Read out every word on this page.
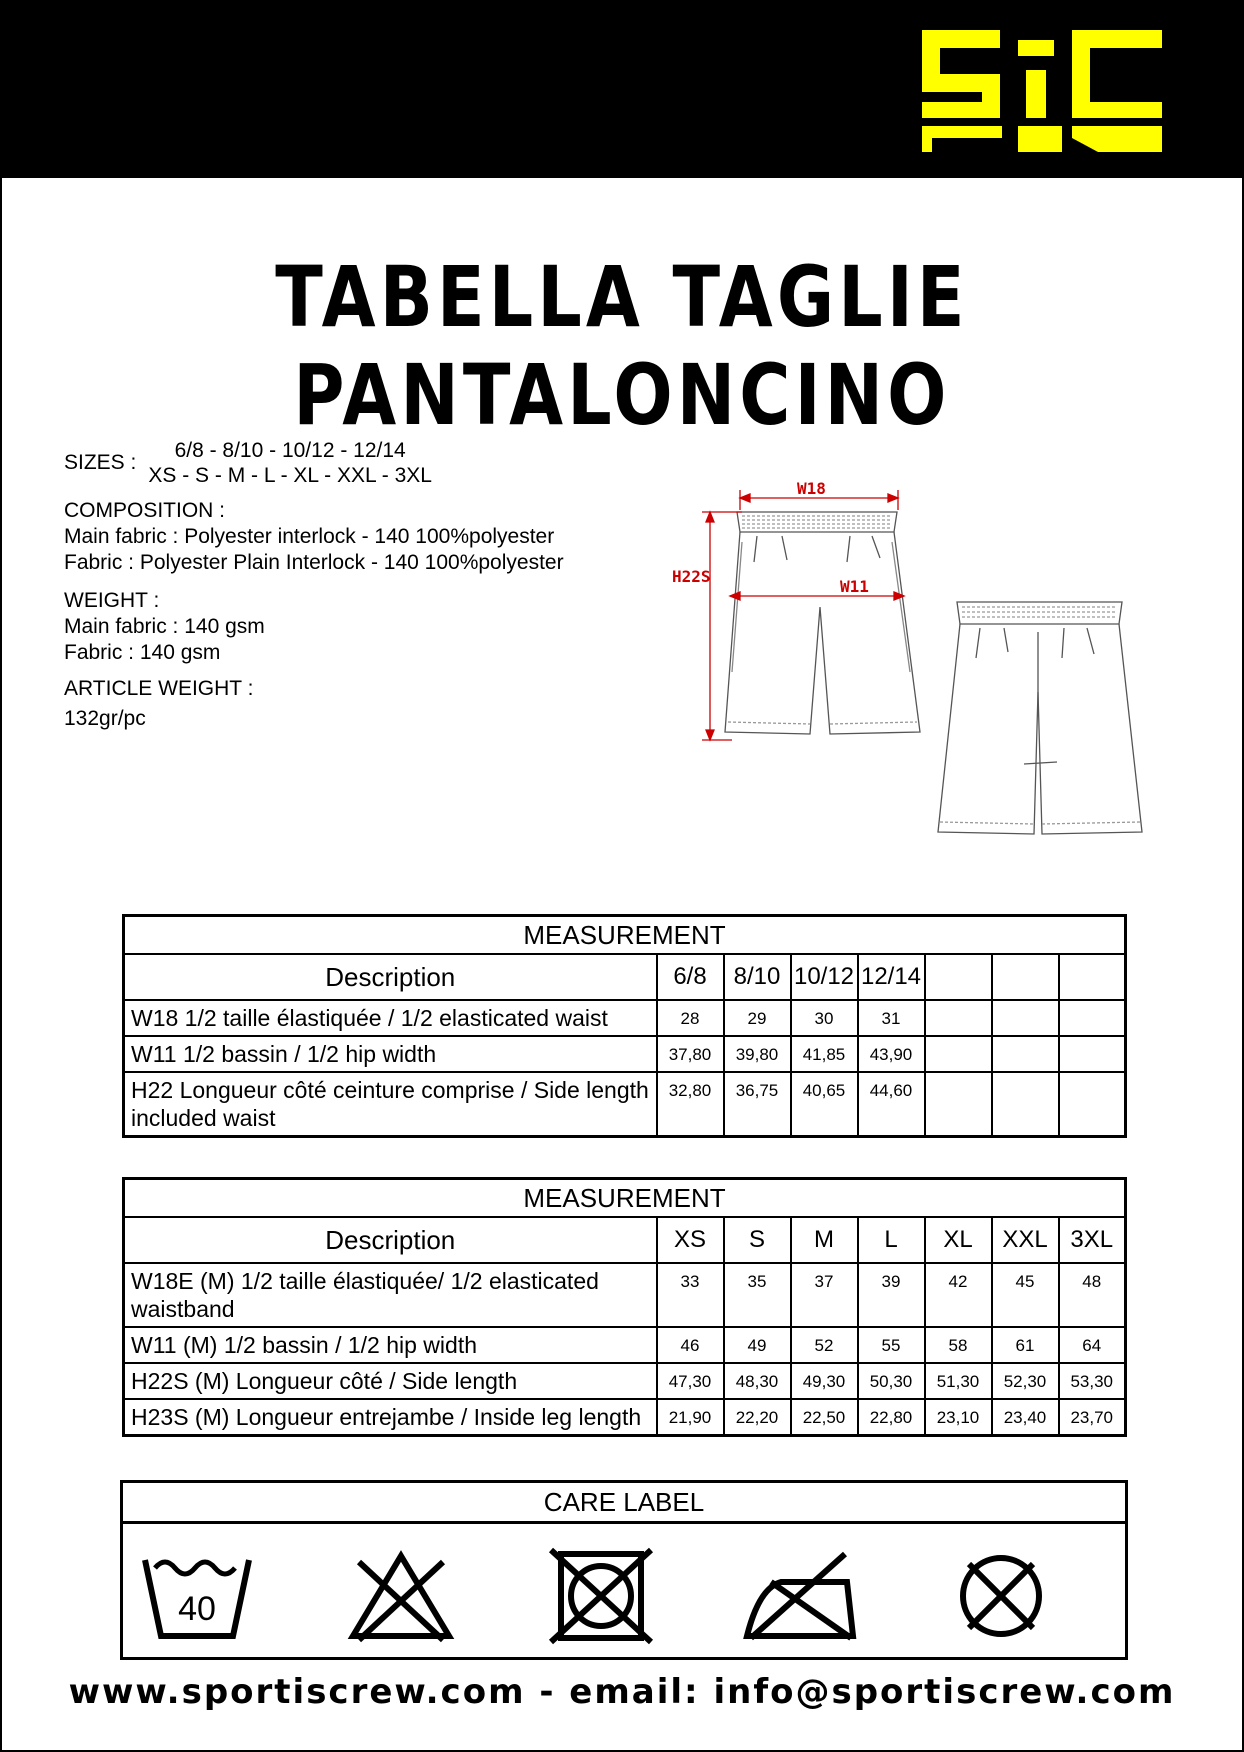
TABELLA TAGLIE PANTALONCINO
SIZES :
6/8 - 8/10 - 10/12 - 12/14
XS - S - M - L - XL - XXL - 3XL
COMPOSITION :
Main fabric : Polyester interlock - 140 100%polyester
Fabric : Polyester Plain Interlock - 140 100%polyester
WEIGHT :
Main fabric : 140 gsm
Fabric : 140 gsm
ARTICLE WEIGHT :
132gr/pc
W18
W11
H22S
MEASUREMENT							
Description	6/8	8/10	10/12	12/14			
W18 1/2 taille élastiquée / 1/2 elasticated waist	28	29	30	31			
W11 1/2 bassin / 1/2 hip width	37,80	39,80	41,85	43,90			
H22 Longueur côté ceinture comprise / Side length included waist	32,80	36,75	40,65	44,60			
MEASUREMENT							
Description	XS	S	M	L	XL	XXL	3XL
W18E (M) 1/2 taille élastiquée/ 1/2 elasticated waistband	33	35	37	39	42	45	48
W11 (M) 1/2 bassin / 1/2 hip width	46	49	52	55	58	61	64
H22S (M) Longueur côté / Side length	47,30	48,30	49,30	50,30	51,30	52,30	53,30
H23S (M) Longueur entrejambe / Inside leg length	21,90	22,20	22,50	22,80	23,10	23,40	23,70
CARE LABEL
40
www.sportiscrew.com - email: info@sportiscrew.com
